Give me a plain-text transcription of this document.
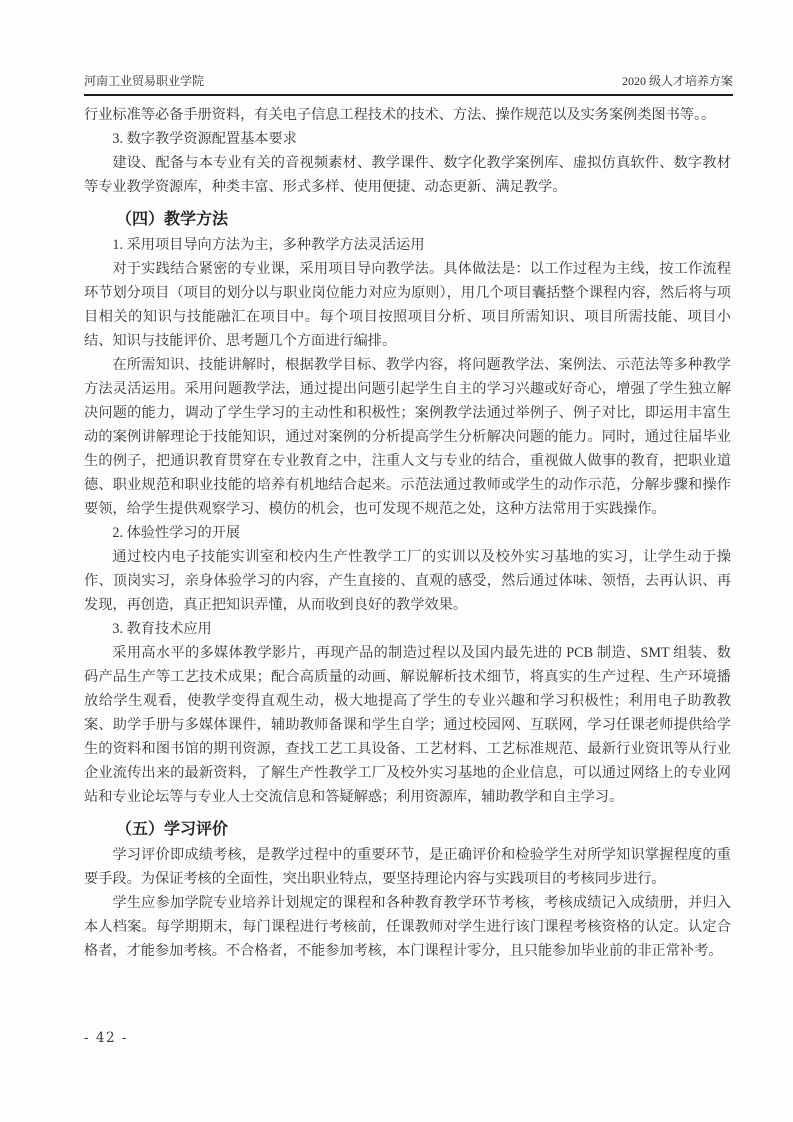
河南工业贸易职业学院	2020 级人才培养方案

行业标准等必备手册资料，有关电子信息工程技术的技术、方法、操作规范以及实务案例类图书等。。

3. 数字教学资源配置基本要求

建设、配备与本专业有关的音视频素材、教学课件、数字化教学案例库、虚拟仿真软件、数字教材等专业教学资源库，种类丰富、形式多样、使用便捷、动态更新、满足教学。

（四）教学方法

1. 采用项目导向方法为主，多种教学方法灵活运用

对于实践结合紧密的专业课，采用项目导向教学法。具体做法是：以工作过程为主线，按工作流程环节划分项目（项目的划分以与职业岗位能力对应为原则），用几个项目囊括整个课程内容，然后将与项目相关的知识与技能融汇在项目中。每个项目按照项目分析、项目所需知识、项目所需技能、项目小结、知识与技能评价、思考题几个方面进行编排。

在所需知识、技能讲解时，根据教学目标、教学内容，将问题教学法、案例法、示范法等多种教学方法灵活运用。采用问题教学法，通过提出问题引起学生自主的学习兴趣或好奇心，增强了学生独立解决问题的能力，调动了学生学习的主动性和积极性；案例教学法通过举例子、例子对比，即运用丰富生动的案例讲解理论于技能知识，通过对案例的分析提高学生分析解决问题的能力。同时，通过往届毕业生的例子，把通识教育贯穿在专业教育之中，注重人文与专业的结合，重视做人做事的教育，把职业道德、职业规范和职业技能的培养有机地结合起来。示范法通过教师或学生的动作示范，分解步骤和操作要领，给学生提供观察学习、模仿的机会，也可发现不规范之处，这种方法常用于实践操作。

2. 体验性学习的开展

通过校内电子技能实训室和校内生产性教学工厂的实训以及校外实习基地的实习，让学生动于操作、顶岗实习，亲身体验学习的内容，产生直接的、直观的感受，然后通过体味、领悟，去再认识、再发现，再创造，真正把知识弄懂，从而收到良好的教学效果。

3. 教育技术应用

采用高水平的多媒体教学影片，再现产品的制造过程以及国内最先进的 PCB 制造、SMT 组装、数码产品生产等工艺技术成果；配合高质量的动画、解说解析技术细节，将真实的生产过程、生产环境播放给学生观看，使教学变得直观生动，极大地提高了学生的专业兴趣和学习积极性；利用电子助教教案、助学手册与多媒体课件，辅助教师备课和学生自学；通过校园网、互联网，学习任课老师提供给学生的资料和图书馆的期刊资源，查找工艺工具设备、工艺材料、工艺标准规范、最新行业资讯等从行业企业流传出来的最新资料，了解生产性教学工厂及校外实习基地的企业信息，可以通过网络上的专业网站和专业论坛等与专业人士交流信息和答疑解惑；利用资源库，辅助教学和自主学习。

（五）学习评价

学习评价即成绩考核，是教学过程中的重要环节，是正确评价和检验学生对所学知识掌握程度的重要手段。为保证考核的全面性，突出职业特点，要坚持理论内容与实践项目的考核同步进行。

学生应参加学院专业培养计划规定的课程和各种教育教学环节考核，考核成绩记入成绩册，并归入本人档案。每学期期末，每门课程进行考核前，任课教师对学生进行该门课程考核资格的认定。认定合格者，才能参加考核。不合格者，不能参加考核，本门课程计零分，且只能参加毕业前的非正常补考。

- 42 -
